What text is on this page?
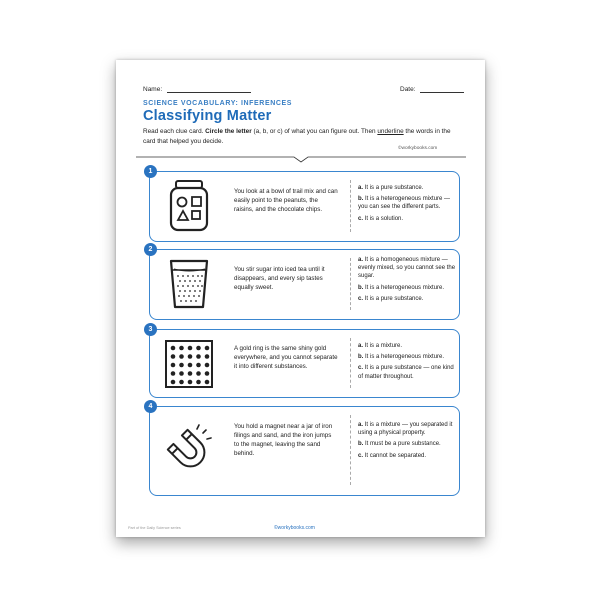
Name:	Date:
SCIENCE VOCABULARY: INFERENCES
Classifying Matter
Read each clue card. Circle the letter (a, b, or c) of what you can figure out. Then underline the words in the card that helped you decide.
©workybooks.com
1
You look at a bowl of trail mix and can easily point to the peanuts, the raisins, and the chocolate chips.
a. It is a pure substance.
b. It is a heterogeneous mixture — you can see the different parts.
c. It is a solution.
2
You stir sugar into iced tea until it disappears, and every sip tastes equally sweet.
a. It is a homogeneous mixture — evenly mixed, so you cannot see the sugar.
b. It is a heterogeneous mixture.
c. It is a pure substance.
3
A gold ring is the same shiny gold everywhere, and you cannot separate it into different substances.
a. It is a mixture.
b. It is a heterogeneous mixture.
c. It is a pure substance — one kind of matter throughout.
4
You hold a magnet near a jar of iron filings and sand, and the iron jumps to the magnet, leaving the sand behind.
a. It is a mixture — you separated it using a physical property.
b. It must be a pure substance.
c. It cannot be separated.
Part of the Daily Science series	©workybooks.com
